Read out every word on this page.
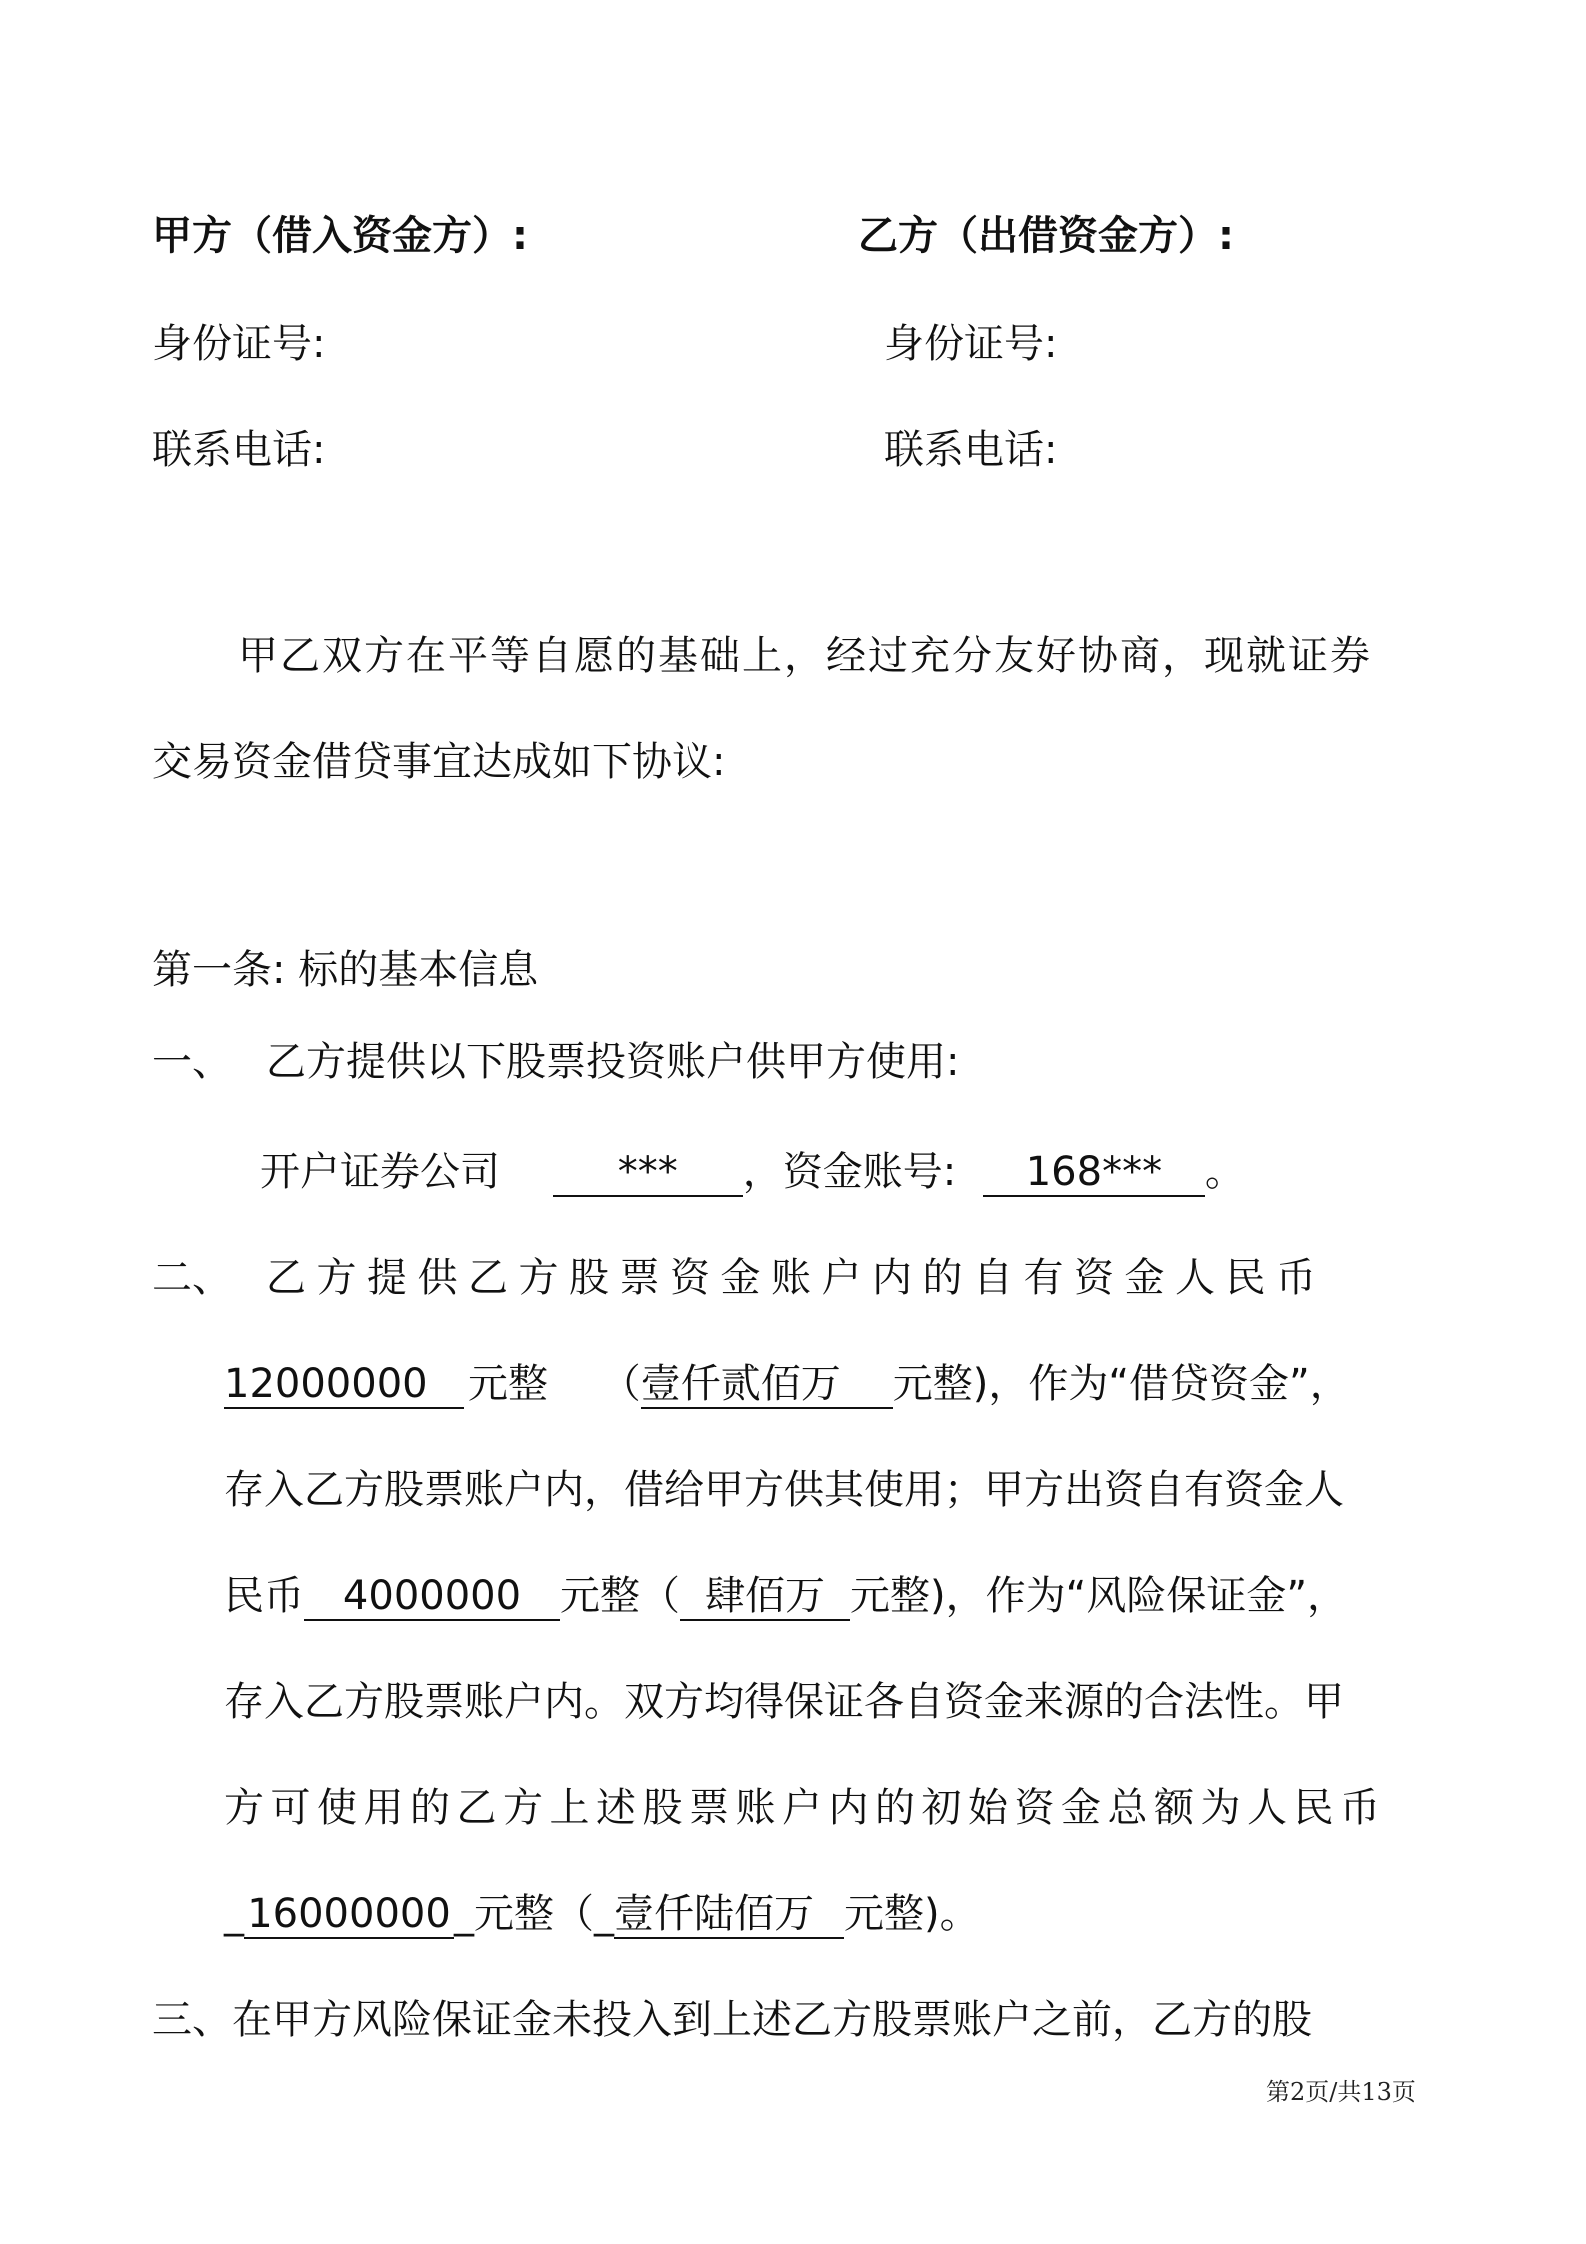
甲方（借入资金方）:	乙方（出借资金方）:
身份证号:	身份证号:
联系电话:	联系电话:
甲乙双方在平等自愿的基础上，经过充分友好协商，现就证券
交易资金借贷事宜达成如下协议:
第一条: 标的基本信息
一、 乙方提供以下股票投资账户供甲方使用:
开户证券公司	*** ，资金账号: 168*** 。
二、 乙方提供乙方股票资金账户内的自有资金人民币
12000000 元整 （壹仟贰佰万 元整)，作为“借贷资金”，
存入乙方股票账户内，借给甲方供其使用；甲方出资自有资金人
民币 4000000 元整（ 肆佰万 元整)，作为“风险保证金”，
存入乙方股票账户内。双方均得保证各自资金来源的合法性。甲
方可使用的乙方上述股票账户内的初始资金总额为人民币
_16000000_元整（_壹仟陆佰万 元整)。
三、在甲方风险保证金未投入到上述乙方股票账户之前，乙方的股
第2页/共13页
